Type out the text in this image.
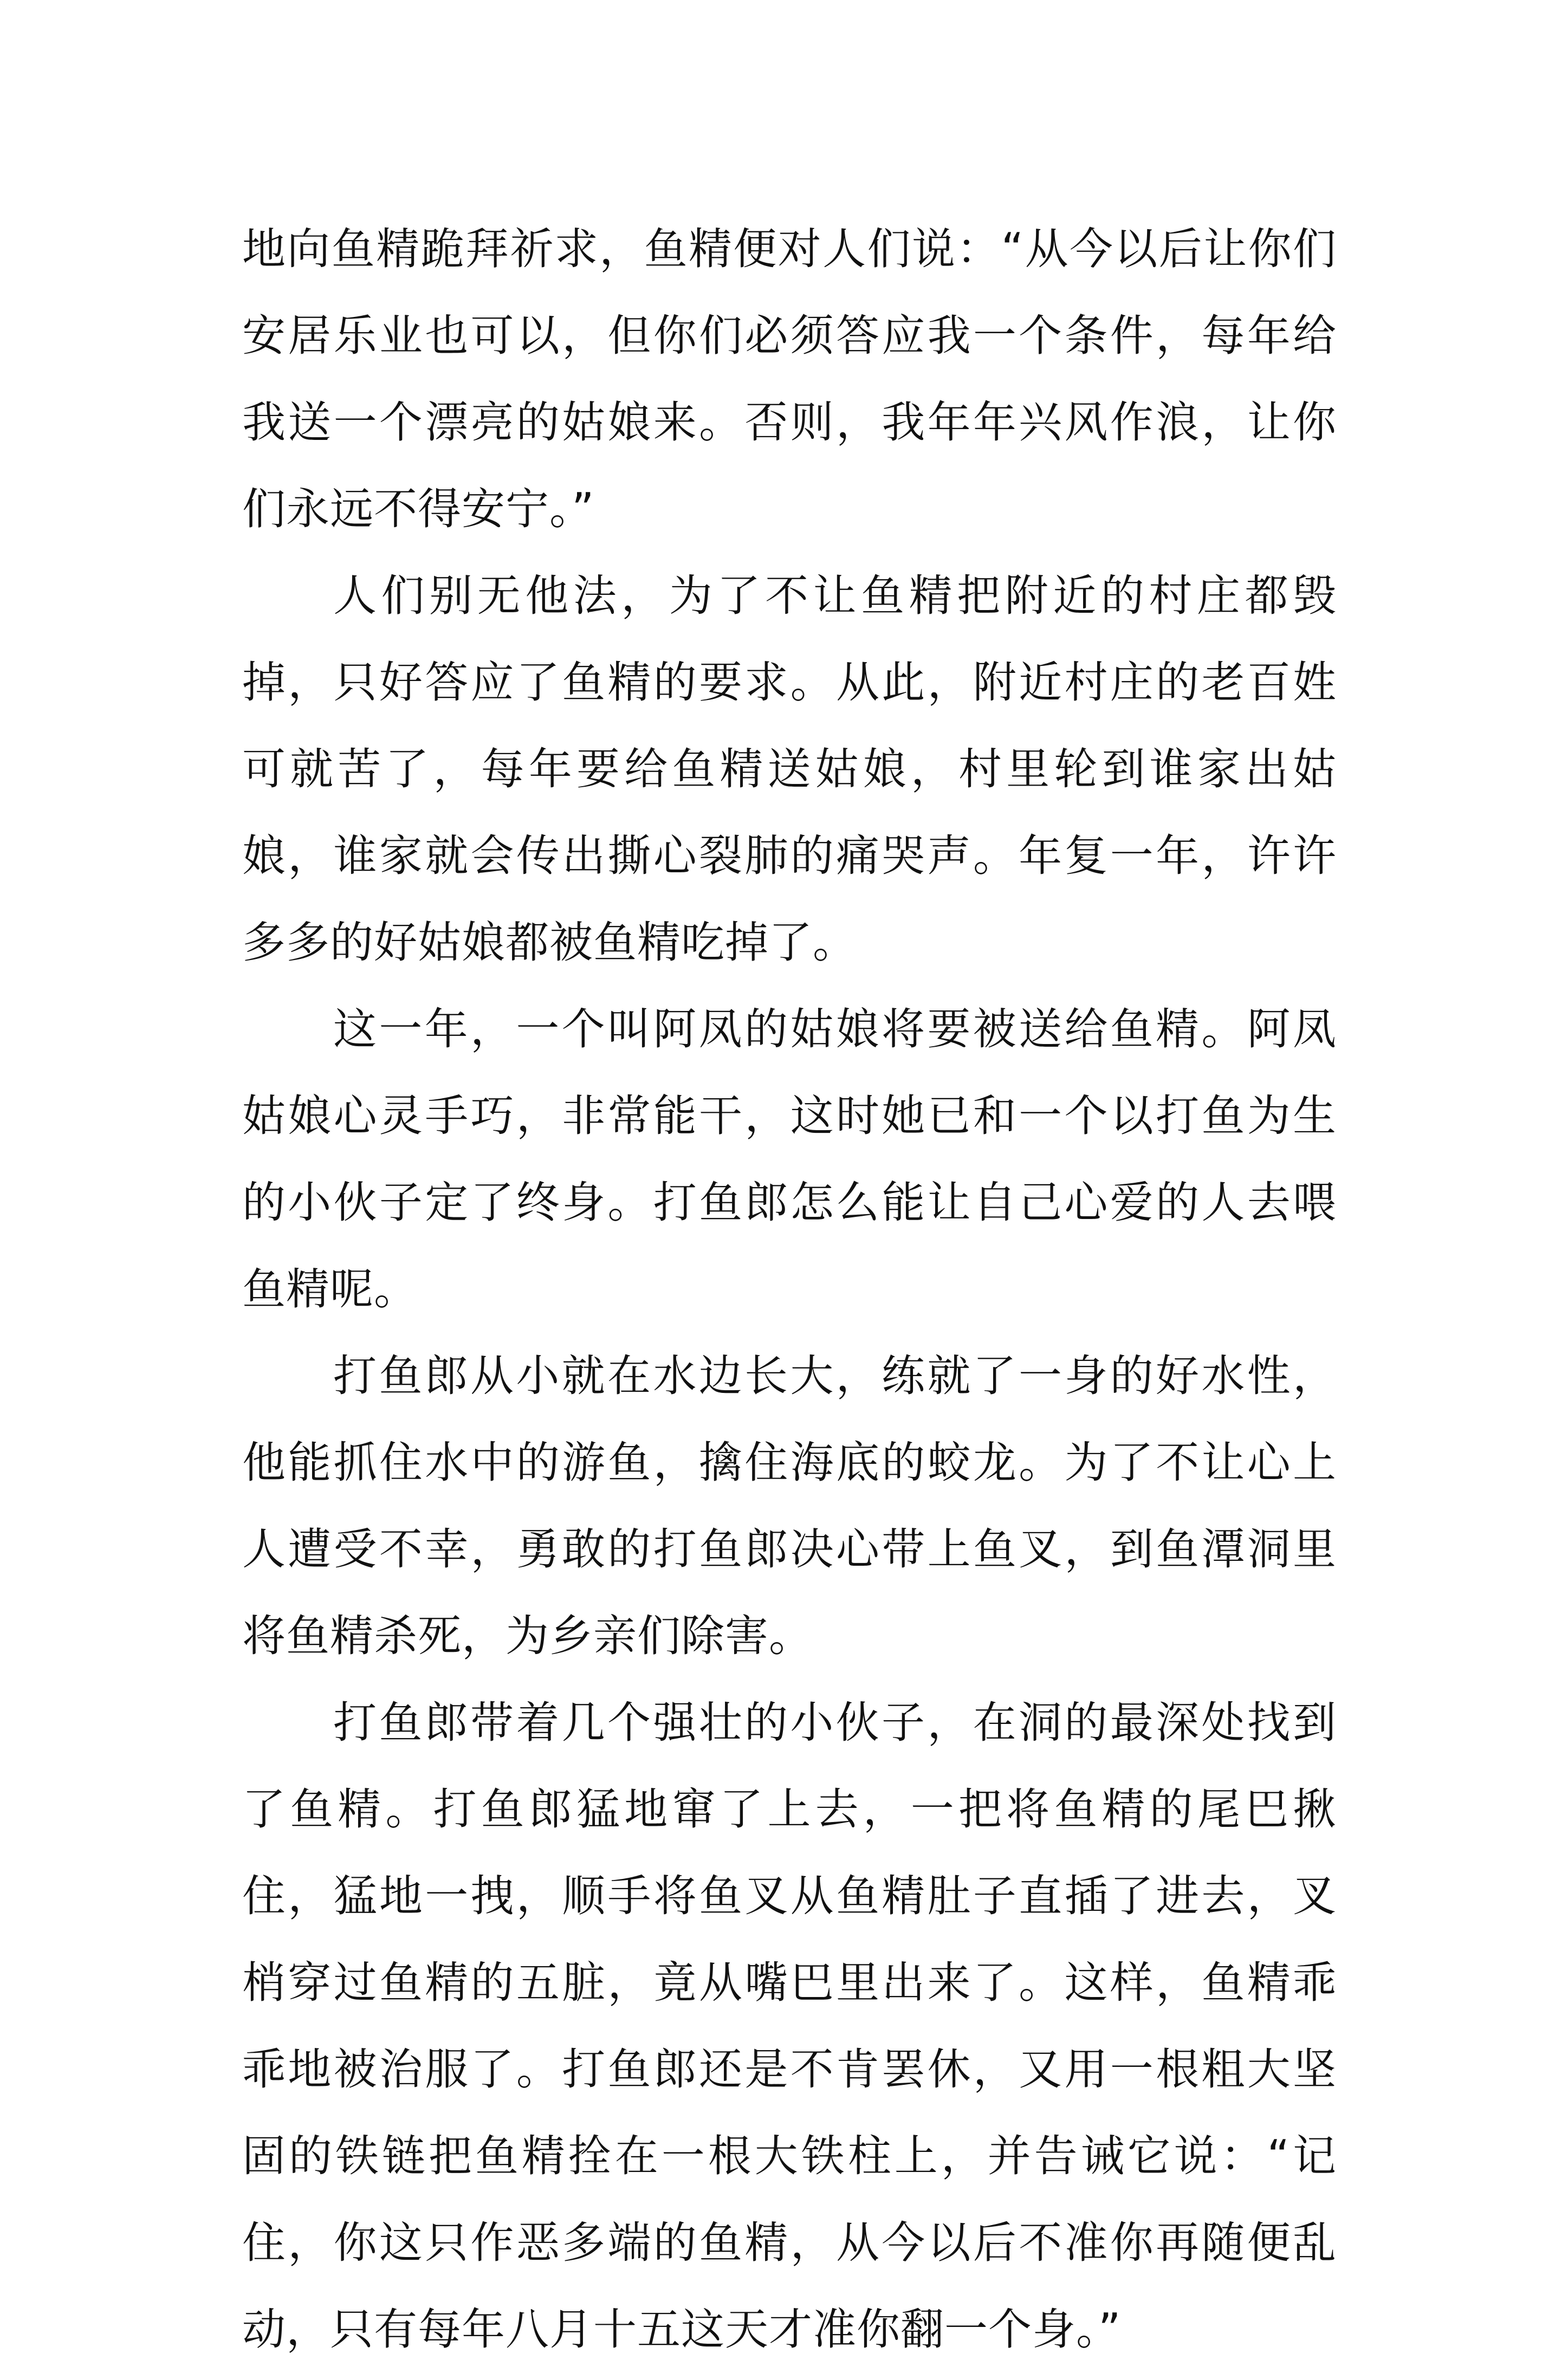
地向鱼精跪拜祈求，鱼精便对人们说：“从今以后让你们安居乐业也可以，但你们必须答应我一个条件，每年给我送一个漂亮的姑娘来。否则，我年年兴风作浪，让你们永远不得安宁。”

人们别无他法，为了不让鱼精把附近的村庄都毁掉，只好答应了鱼精的要求。从此，附近村庄的老百姓可就苦了，每年要给鱼精送姑娘，村里轮到谁家出姑娘，谁家就会传出撕心裂肺的痛哭声。年复一年，许许多多的好姑娘都被鱼精吃掉了。

这一年，一个叫阿凤的姑娘将要被送给鱼精。阿凤姑娘心灵手巧，非常能干，这时她已和一个以打鱼为生的小伙子定了终身。打鱼郎怎么能让自己心爱的人去喂鱼精呢。

打鱼郎从小就在水边长大，练就了一身的好水性，他能抓住水中的游鱼，擒住海底的蛟龙。为了不让心上人遭受不幸，勇敢的打鱼郎决心带上鱼叉，到鱼潭洞里将鱼精杀死，为乡亲们除害。

打鱼郎带着几个强壮的小伙子，在洞的最深处找到了鱼精。打鱼郎猛地窜了上去，一把将鱼精的尾巴揪住，猛地一拽，顺手将鱼叉从鱼精肚子直插了进去，叉梢穿过鱼精的五脏，竟从嘴巴里出来了。这样，鱼精乖乖地被治服了。打鱼郎还是不肯罢休，又用一根粗大坚固的铁链把鱼精拴在一根大铁柱上，并告诫它说：“记住，你这只作恶多端的鱼精，从今以后不准你再随便乱动，只有每年八月十五这天才准你翻一个身。”
